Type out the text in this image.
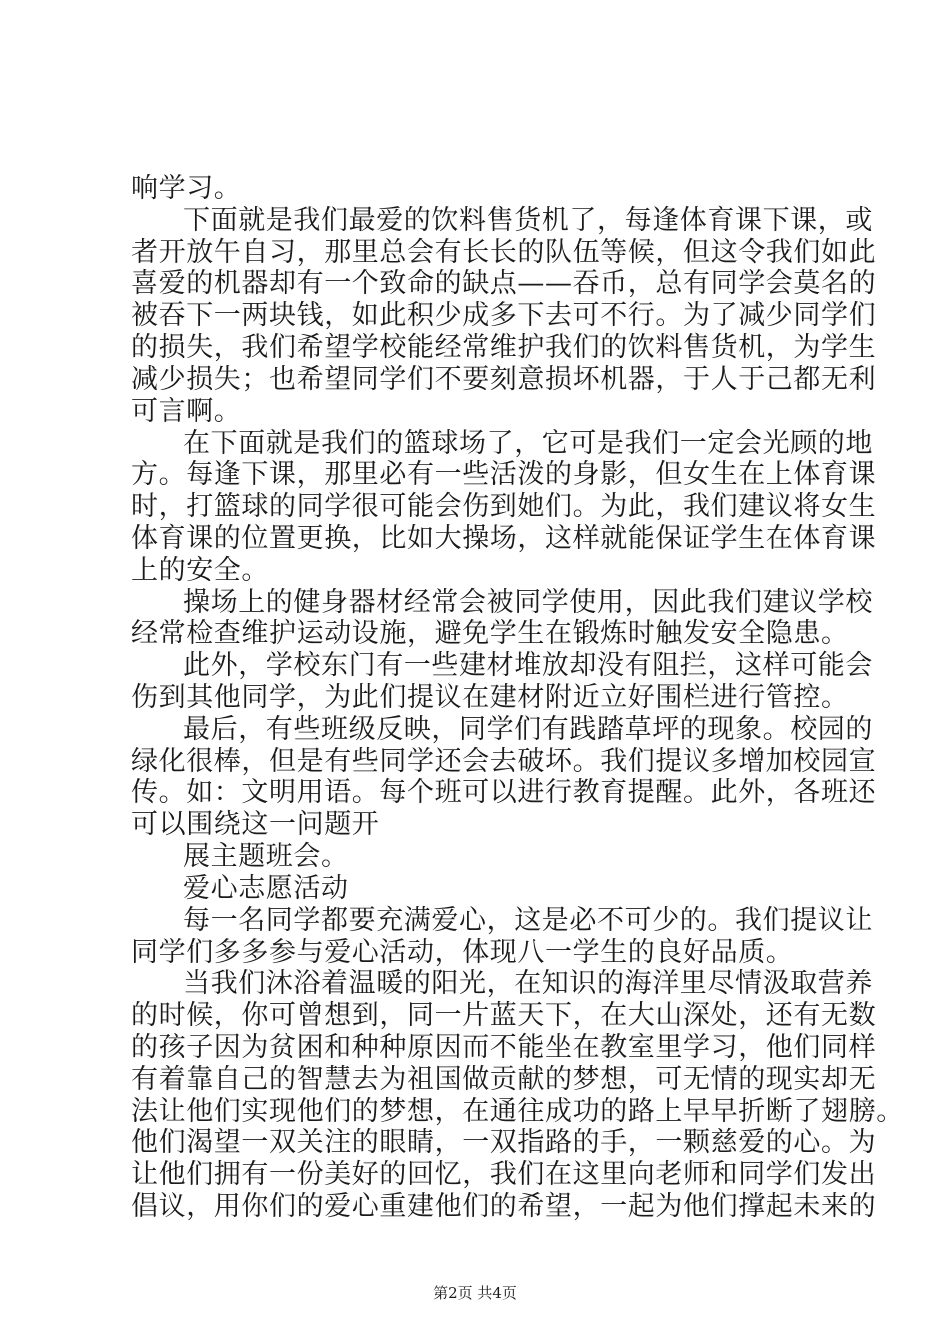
响学习。
下面就是我们最爱的饮料售货机了，每逢体育课下课，或
者开放午自习，那里总会有长长的队伍等候，但这令我们如此
喜爱的机器却有一个致命的缺点——吞币，总有同学会莫名的
被吞下一两块钱，如此积少成多下去可不行。为了减少同学们
的损失，我们希望学校能经常维护我们的饮料售货机，为学生
减少损失；也希望同学们不要刻意损坏机器，于人于己都无利
可言啊。
在下面就是我们的篮球场了，它可是我们一定会光顾的地
方。每逢下课，那里必有一些活泼的身影，但女生在上体育课
时，打篮球的同学很可能会伤到她们。为此，我们建议将女生
体育课的位置更换，比如大操场，这样就能保证学生在体育课
上的安全。
操场上的健身器材经常会被同学使用，因此我们建议学校
经常检查维护运动设施，避免学生在锻炼时触发安全隐患。
此外，学校东门有一些建材堆放却没有阻拦，这样可能会
伤到其他同学，为此们提议在建材附近立好围栏进行管控。
最后，有些班级反映，同学们有践踏草坪的现象。校园的
绿化很棒，但是有些同学还会去破坏。我们提议多增加校园宣
传。如：文明用语。每个班可以进行教育提醒。此外，各班还
可以围绕这一问题开
展主题班会。
爱心志愿活动
每一名同学都要充满爱心，这是必不可少的。我们提议让
同学们多多参与爱心活动，体现八一学生的良好品质。
当我们沐浴着温暖的阳光，在知识的海洋里尽情汲取营养
的时候，你可曾想到，同一片蓝天下，在大山深处，还有无数
的孩子因为贫困和种种原因而不能坐在教室里学习，他们同样
有着靠自己的智慧去为祖国做贡献的梦想，可无情的现实却无
法让他们实现他们的梦想，在通往成功的路上早早折断了翅膀。
他们渴望一双关注的眼睛，一双指路的手，一颗慈爱的心。为
让他们拥有一份美好的回忆，我们在这里向老师和同学们发出
倡议，用你们的爱心重建他们的希望，一起为他们撑起未来的
第2页 共4页
